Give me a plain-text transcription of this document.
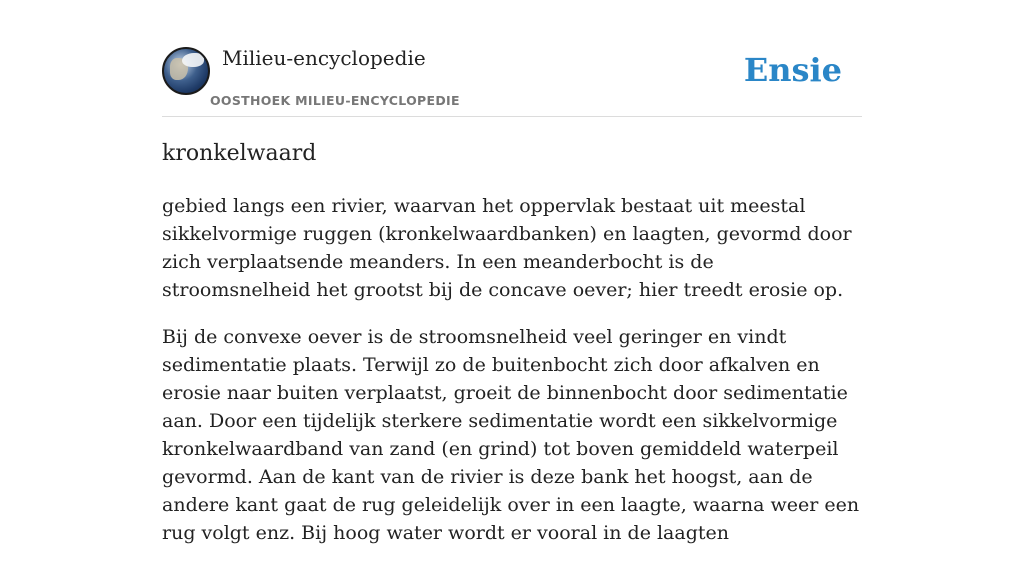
Milieu-encyclopedie
OOSTHOEK MILIEU-ENCYCLOPEDIE
Ensie
kronkelwaard

gebied langs een rivier, waarvan het oppervlak bestaat uit meestal sikkelvormige ruggen (kronkelwaardbanken) en laagten, gevormd door zich verplaatsende meanders. In een meanderbocht is de stroomsnelheid het grootst bij de concave oever; hier treedt erosie op.

Bij de convexe oever is de stroomsnelheid veel geringer en vindt sedimentatie plaats. Terwijl zo de buitenbocht zich door afkalven en erosie naar buiten verplaatst, groeit de binnenbocht door sedimentatie aan. Door een tijdelijk sterkere sedimentatie wordt een sikkelvormige kronkelwaardband van zand (en grind) tot boven gemiddeld waterpeil gevormd. Aan de kant van de rivier is deze bank het hoogst, aan de andere kant gaat de rug geleidelijk over in een laagte, waarna weer een rug volgt enz. Bij hoog water wordt er vooral in de laagten
